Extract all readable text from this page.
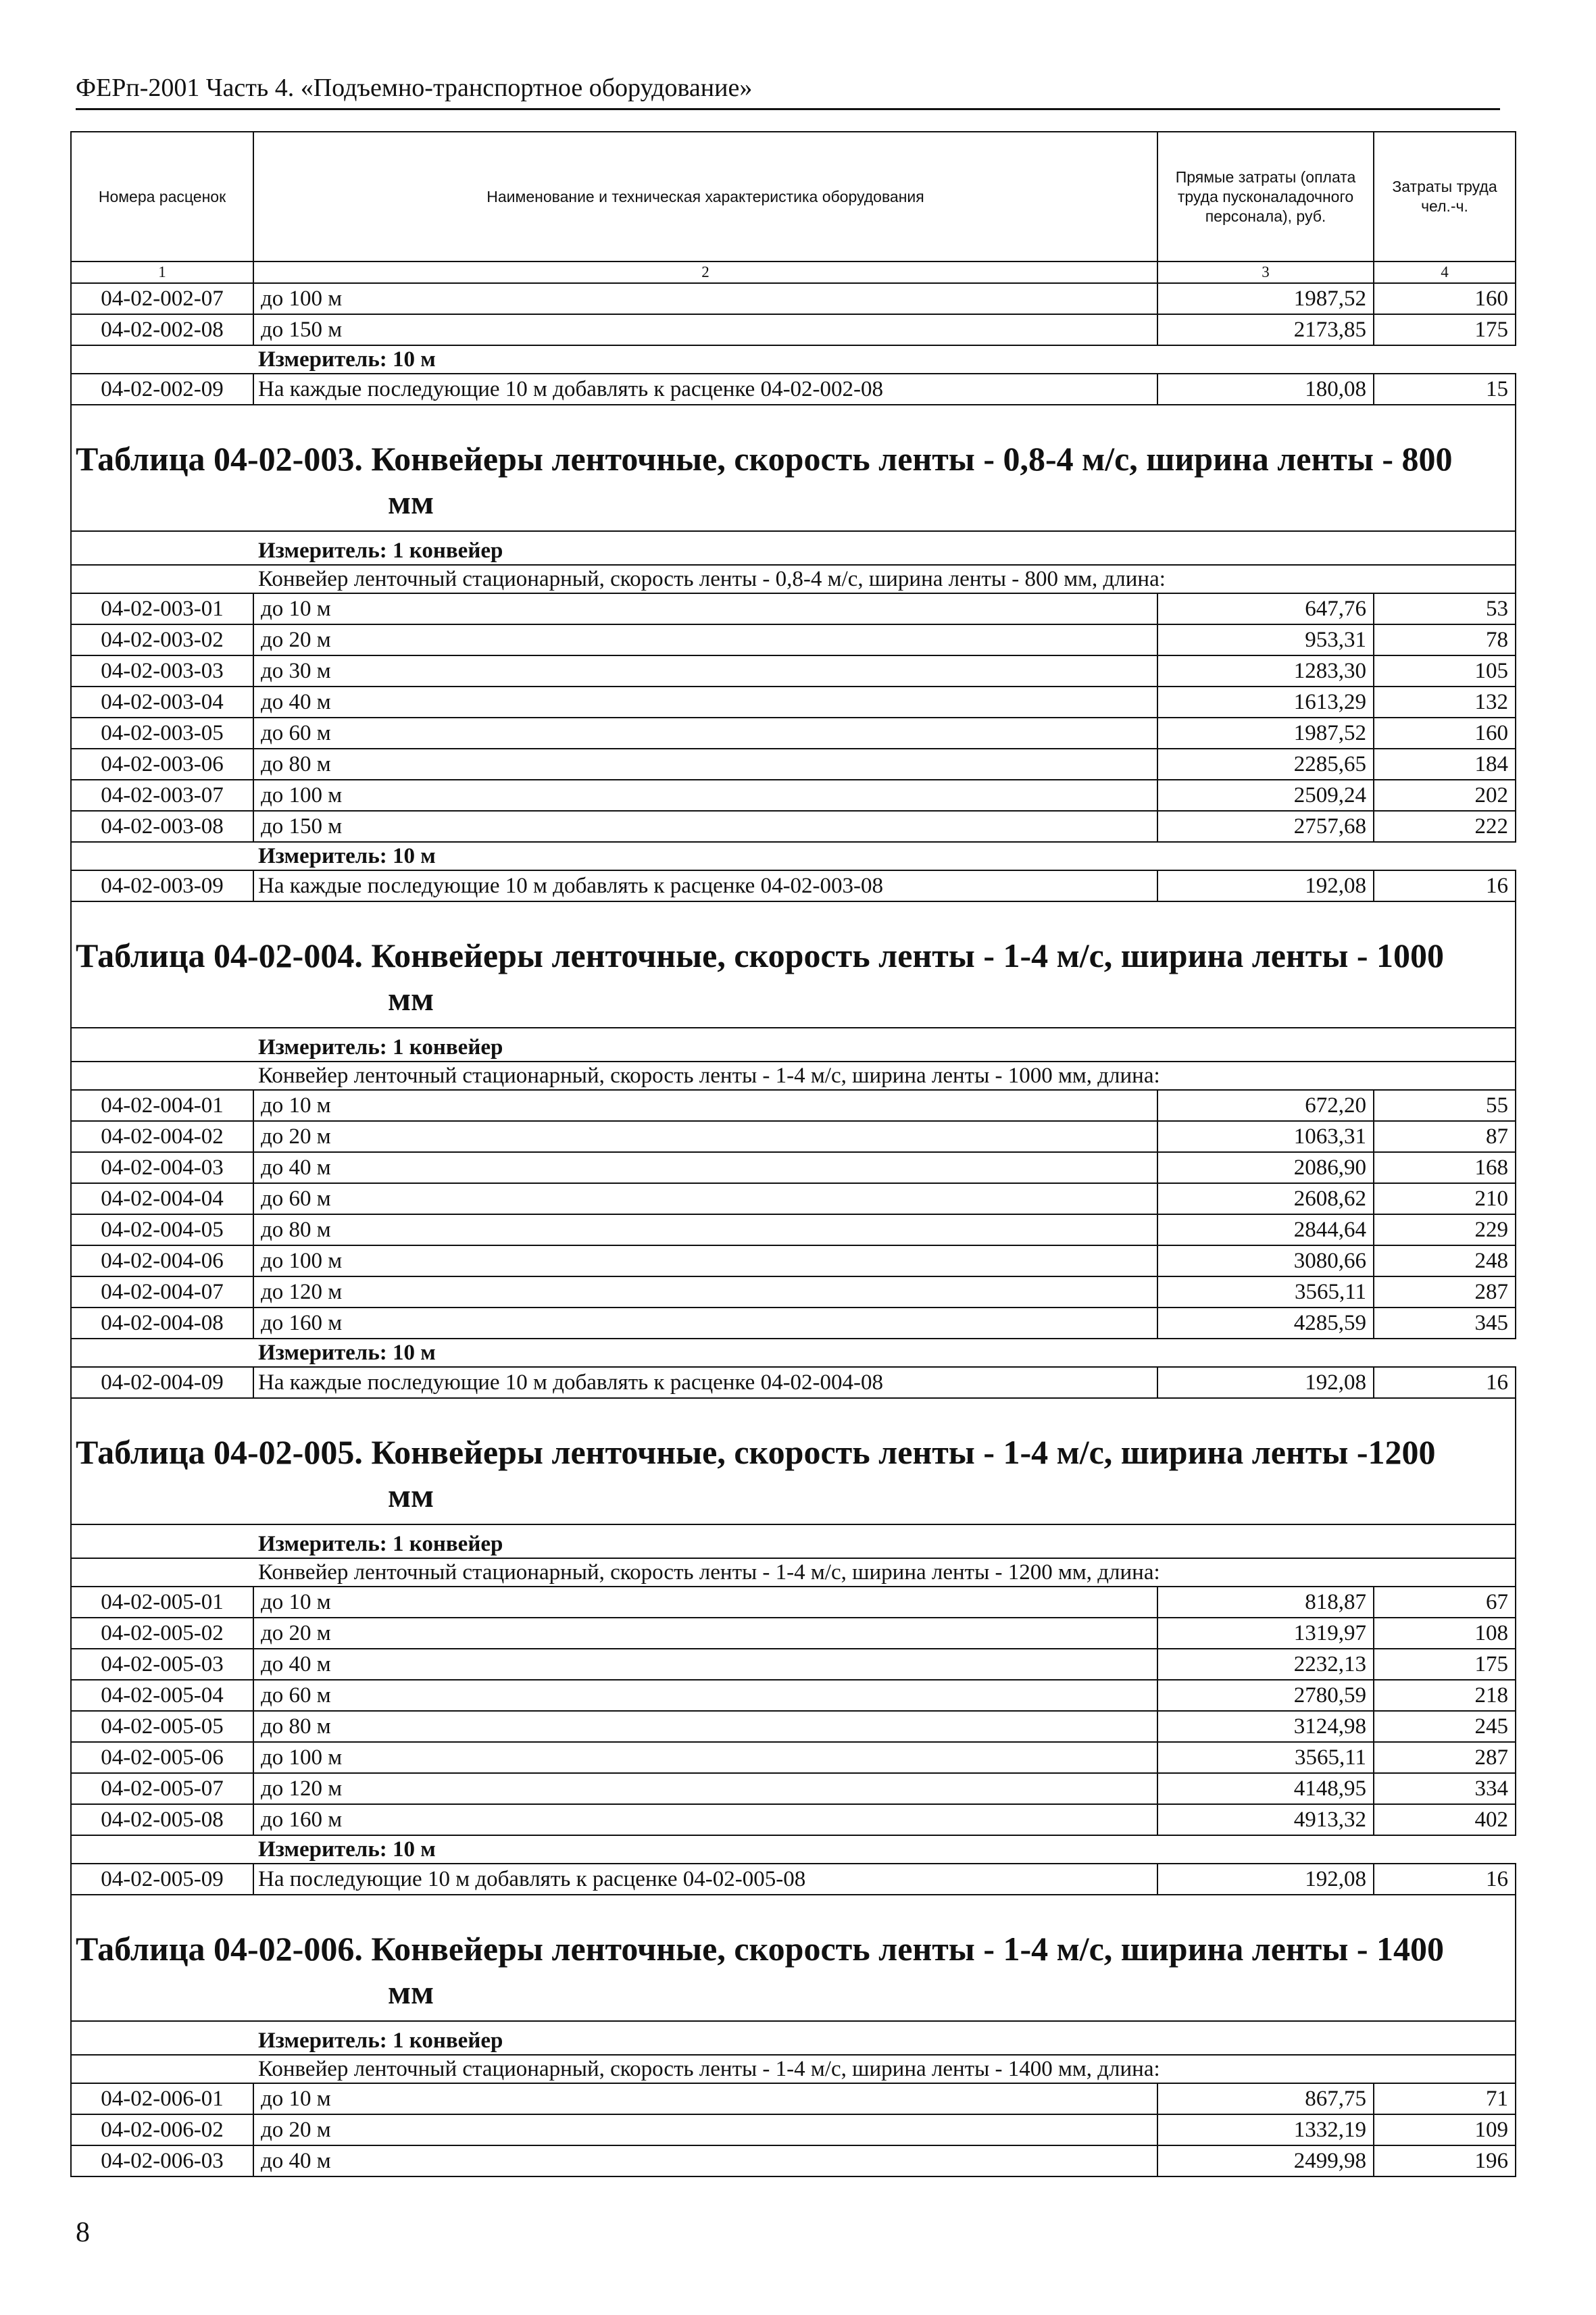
ФЕРп-2001 Часть 4. «Подъемно-транспортное оборудование»
Номера расценок	Наименование и техническая характеристика оборудования	Прямые затраты (оплата труда пусконаладочного персонала), руб.	Затраты труда чел.-ч.
1	2	3	4
04-02-002-07	до 100 м	1987,52	160
04-02-002-08	до 150 м	2173,85	175
Измеритель: 10 м			
04-02-002-09	На каждые последующие 10 м добавлять к расценке 04-02-002-08	180,08	15

Таблица 04-02-003. Конвейеры ленточные, скорость ленты - 0,8-4 м/с, ширина ленты - 800
мм			

Измеритель: 1 конвейер			
Конвейер ленточный стационарный, скорость ленты - 0,8-4 м/с, ширина ленты - 800 мм, длина:			
04-02-003-01	до 10 м	647,76	53
04-02-003-02	до 20 м	953,31	78
04-02-003-03	до 30 м	1283,30	105
04-02-003-04	до 40 м	1613,29	132
04-02-003-05	до 60 м	1987,52	160
04-02-003-06	до 80 м	2285,65	184
04-02-003-07	до 100 м	2509,24	202
04-02-003-08	до 150 м	2757,68	222
Измеритель: 10 м			
04-02-003-09	На каждые последующие 10 м добавлять к расценке 04-02-003-08	192,08	16

Таблица 04-02-004. Конвейеры ленточные, скорость ленты - 1-4 м/с, ширина ленты - 1000
мм			

Измеритель: 1 конвейер			
Конвейер ленточный стационарный, скорость ленты - 1-4 м/с, ширина ленты - 1000 мм, длина:			
04-02-004-01	до 10 м	672,20	55
04-02-004-02	до 20 м	1063,31	87
04-02-004-03	до 40 м	2086,90	168
04-02-004-04	до 60 м	2608,62	210
04-02-004-05	до 80 м	2844,64	229
04-02-004-06	до 100 м	3080,66	248
04-02-004-07	до 120 м	3565,11	287
04-02-004-08	до 160 м	4285,59	345
Измеритель: 10 м			
04-02-004-09	На каждые последующие 10 м добавлять к расценке 04-02-004-08	192,08	16

Таблица 04-02-005. Конвейеры ленточные, скорость ленты - 1-4 м/с, ширина ленты -1200
мм			

Измеритель: 1 конвейер			
Конвейер ленточный стационарный, скорость ленты - 1-4 м/с, ширина ленты - 1200 мм, длина:			
04-02-005-01	до 10 м	818,87	67
04-02-005-02	до 20 м	1319,97	108
04-02-005-03	до 40 м	2232,13	175
04-02-005-04	до 60 м	2780,59	218
04-02-005-05	до 80 м	3124,98	245
04-02-005-06	до 100 м	3565,11	287
04-02-005-07	до 120 м	4148,95	334
04-02-005-08	до 160 м	4913,32	402
Измеритель: 10 м			
04-02-005-09	На последующие 10 м добавлять к расценке 04-02-005-08	192,08	16

Таблица 04-02-006. Конвейеры ленточные, скорость ленты - 1-4 м/с, ширина ленты - 1400
мм			

Измеритель: 1 конвейер			
Конвейер ленточный стационарный, скорость ленты - 1-4 м/с, ширина ленты - 1400 мм, длина:			
04-02-006-01	до 10 м	867,75	71
04-02-006-02	до 20 м	1332,19	109
04-02-006-03	до 40 м	2499,98	196
8
